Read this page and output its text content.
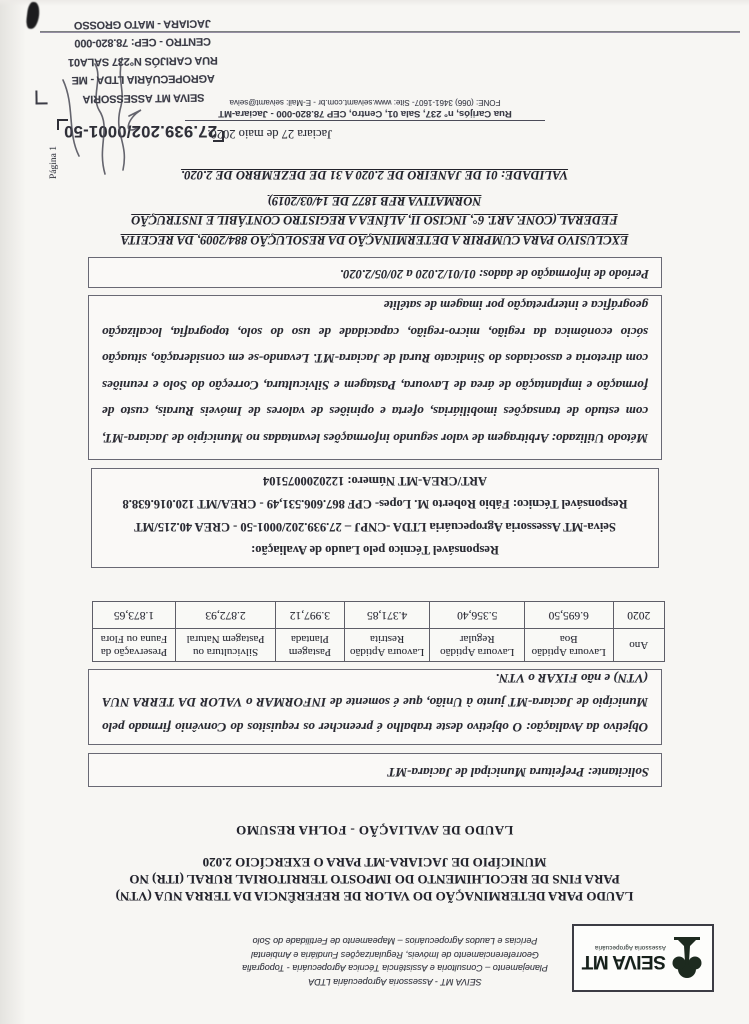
SEIVA MT
Assessoria Agropecuária
SEIVA MT - Assessoria Agropecuária LTDA
Planejamento – Consultoria e Assistência Técnica Agropecuária - Topografia
Georreferenciamento de Imóveis, Regularizações Fundiária e Ambiental
Perícias e Laudos Agropecuários – Mapeamento de Fertilidade do Solo
LAUDO PARA DETERMINAÇÃO DO VALOR DE REFERÊNCIA DA TERRA NUA (VTN)
PARA FINS DE RECOLHIMENTO DO IMPOSTO TERRITORIAL RURAL (ITR) NO
MUNICÍPIO DE JACIARA-MT PARA O EXERCÍCIO 2.020
LAUDO DE AVALIAÇÃO - FOLHA RESUMO
Solicitante: Prefeitura Municipal de Jaciara-MT
Objetivo da Avaliação: O objetivo deste trabalho é preencher os requisitos do Convênio firmado pelo Município de Jaciara-MT junto à União, que é somente de INFORMAR o VALOR DA TERRA NUA (VTN) e não FIXAR o VTN.
Ano	Lavoura Aptidão Boa	Lavoura Aptidão Regular	Lavoura Aptidão Restrita	Pastagem Plantada	Silvicultura ou Pastagem Natural	Preservação da Fauna ou Flora
2020	6.695,50	5.356,40	4.371,85	3.997,12	2.872,93	1.873,65
Responsável Técnico pelo Laudo de Avaliação:
Seiva-MT Assessoria Agropecuária LTDA -CNPJ – 27.939.202/0001-50 - CREA 40.215/MT
Responsável Técnico: Fábio Roberto M. Lopes- CPF 867.606.531,49 - CREA/MT 120.016.638.8
ART/CREA-MT Número: 1220200075104
Método Utilizado: Arbitragem de valor segundo informações levantadas no Município de Jaciara-MT, com estudo de transações imobiliárias, oferta e opiniões de valores de Imóveis Rurais, custo de formação e implantação de área de Lavoura, Pastagem e Silvicultura, Correção do Solo e reuniões com diretoria e associados do Sindicato Rural de Jaciara-MT. Levando-se em consideração, situação sócio econômica da região, micro-região, capacidade de uso do solo, topografia, localização geográfica e interpretação por imagem de satélite
Período de informação de dados: 01/01/2.020 a 20/05/2.020.
EXCLUSIVO PARA CUMPRIR A DETERMINAÇÃO DA RESOLUÇÃO 884/2009, DA RECEITA
FEDERAL (CONF. ART. 6°, INCISO II, ALÍNEA A REGISTRO CONTÁBIL E INSTRUÇÃO
NORMATIVA RFB 1877 DE 14/03/2019)
VALIDADE: 01 DE JANEIRO DE 2.020 A 31 DE DEZEMBRO DE 2.020.
Jaciara 27 de maio 2020.
27.939.202/0001-50
Página 1
Rua Carijós, n° 237, Sala 01, Centro, CEP 78.820-000 - Jaciara-MT
FONE: (066) 3461-1607- Site: www.seivamt.com.br - E-Mail: seivamt@seiva
SEIVA MT ASSESSORIA
AGROPECUÁRIA LTDA - ME
RUA CARIJÓS N°237 SALA01
CENTRO - CEP: 78.820-000
JACIARA - MATO GROSSO
